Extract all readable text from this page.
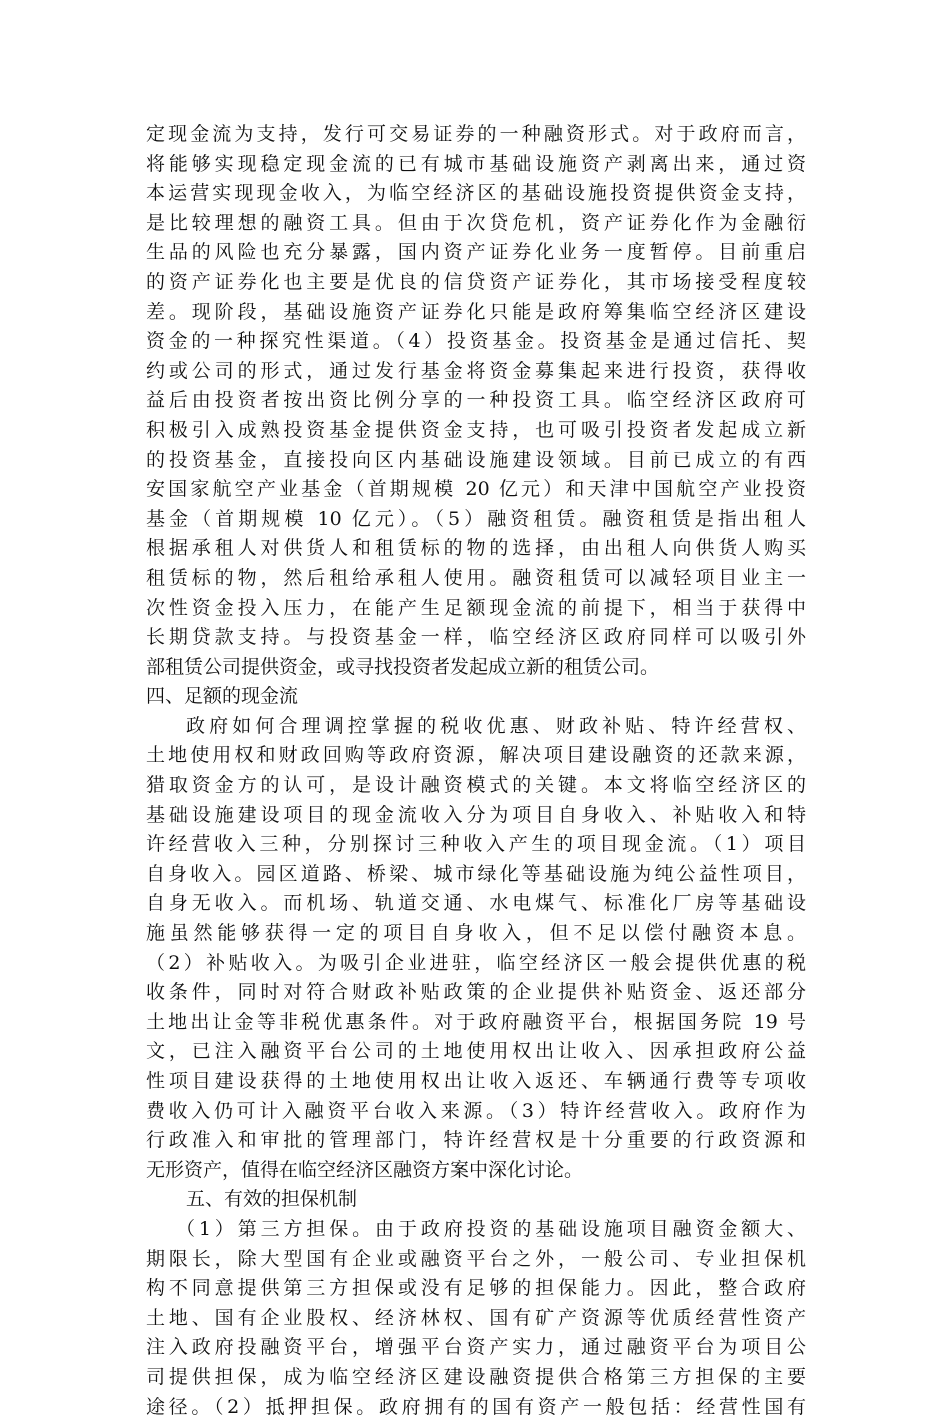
定现金流为支持，发行可交易证券的一种融资形式。对于政府而言，
将能够实现稳定现金流的已有城市基础设施资产剥离出来，通过资
本运营实现现金收入，为临空经济区的基础设施投资提供资金支持，
是比较理想的融资工具。但由于次贷危机，资产证券化作为金融衍
生品的风险也充分暴露，国内资产证券化业务一度暂停。目前重启
的资产证券化也主要是优良的信贷资产证券化，其市场接受程度较
差。现阶段，基础设施资产证券化只能是政府筹集临空经济区建设
资金的一种探究性渠道。（4）投资基金。投资基金是通过信托、契
约或公司的形式，通过发行基金将资金募集起来进行投资，获得收
益后由投资者按出资比例分享的一种投资工具。临空经济区政府可
积极引入成熟投资基金提供资金支持，也可吸引投资者发起成立新
的投资基金，直接投向区内基础设施建设领域。目前已成立的有西
安国家航空产业基金（首期规模 20 亿元）和天津中国航空产业投资
基金（首期规模 10 亿元）。（5）融资租赁。融资租赁是指出租人
根据承租人对供货人和租赁标的物的选择，由出租人向供货人购买
租赁标的物，然后租给承租人使用。融资租赁可以减轻项目业主一
次性资金投入压力，在能产生足额现金流的前提下，相当于获得中
长期贷款支持。与投资基金一样，临空经济区政府同样可以吸引外
部租赁公司提供资金，或寻找投资者发起成立新的租赁公司。
四、足额的现金流
政府如何合理调控掌握的税收优惠、财政补贴、特许经营权、
土地使用权和财政回购等政府资源，解决项目建设融资的还款来源，
猎取资金方的认可，是设计融资模式的关键。本文将临空经济区的
基础设施建设项目的现金流收入分为项目自身收入、补贴收入和特
许经营收入三种，分别探讨三种收入产生的项目现金流。（1）项目
自身收入。园区道路、桥梁、城市绿化等基础设施为纯公益性项目，
自身无收入。而机场、轨道交通、水电煤气、标准化厂房等基础设
施虽然能够获得一定的项目自身收入，但不足以偿付融资本息。
（2）补贴收入。为吸引企业进驻，临空经济区一般会提供优惠的税
收条件，同时对符合财政补贴政策的企业提供补贴资金、返还部分
土地出让金等非税优惠条件。对于政府融资平台，根据国务院 19 号
文，已注入融资平台公司的土地使用权出让收入、因承担政府公益
性项目建设获得的土地使用权出让收入返还、车辆通行费等专项收
费收入仍可计入融资平台收入来源。（3）特许经营收入。政府作为
行政准入和审批的管理部门，特许经营权是十分重要的行政资源和
无形资产，值得在临空经济区融资方案中深化讨论。
五、有效的担保机制
（1）第三方担保。由于政府投资的基础设施项目融资金额大、
期限长，除大型国有企业或融资平台之外，一般公司、专业担保机
构不同意提供第三方担保或没有足够的担保能力。因此，整合政府
土地、国有企业股权、经济林权、国有矿产资源等优质经营性资产
注入政府投融资平台，增强平台资产实力，通过融资平台为项目公
司提供担保，成为临空经济区建设融资提供合格第三方担保的主要
途径。（2）抵押担保。政府拥有的国有资产一般包括：经营性国有
